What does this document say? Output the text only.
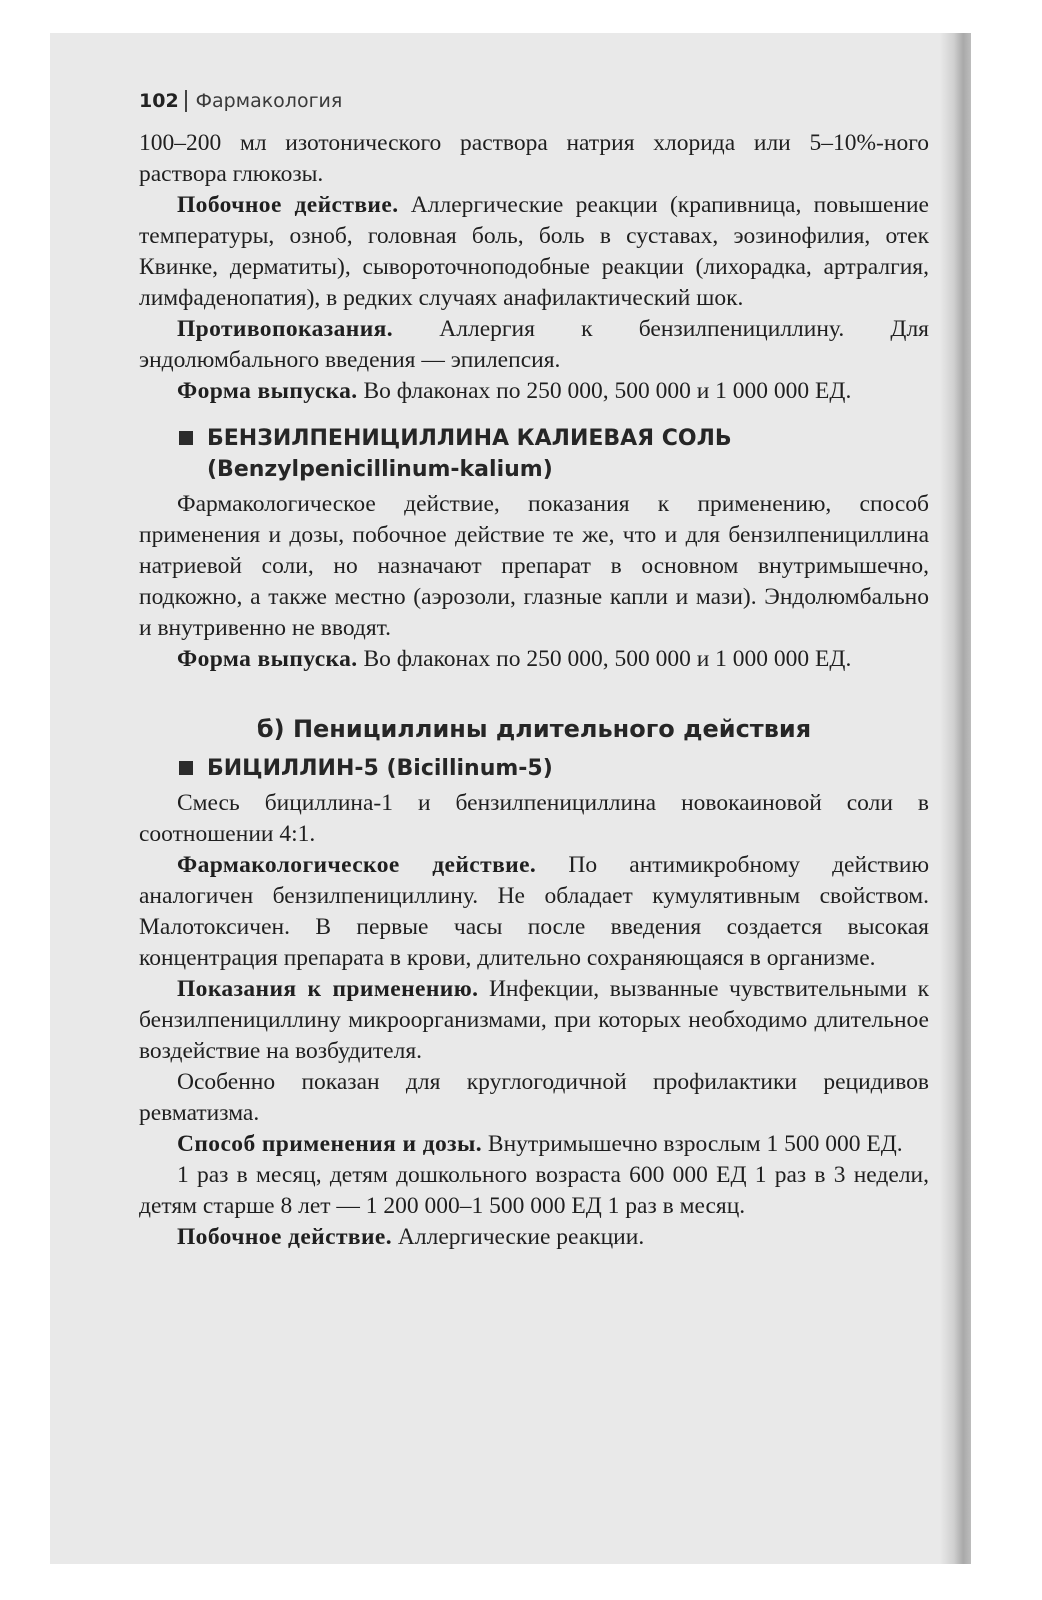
102 Фармакология

100–200 мл изотонического раствора натрия хлорида или 5–10%-ного раствора глюкозы.

Побочное действие. Аллергические реакции (крапивница, повышение температуры, озноб, головная боль, боль в суставах, эозинофилия, отек Квинке, дерматиты), сывороточноподобные реакции (лихорадка, артралгия, лимфаденопатия), в редких случаях анафилактический шок.

Противопоказания. Аллергия к бензилпенициллину. Для эндолюмбального введения — эпилепсия.

Форма выпуска. Во флаконах по 250 000, 500 000 и 1 000 000 ЕД.

БЕНЗИЛПЕНИЦИЛЛИНА КАЛИЕВАЯ СОЛЬ
(Benzylpenicillinum-kalium)

Фармакологическое действие, показания к применению, способ применения и дозы, побочное действие те же, что и для бензилпенициллина натриевой соли, но назначают препарат в основном внутримышечно, подкожно, а также местно (аэрозоли, глазные капли и мази). Эндолюмбально и внутривенно не вводят.

Форма выпуска. Во флаконах по 250 000, 500 000 и 1 000 000 ЕД.

б) Пенициллины длительного действия
БИЦИЛЛИН-5 (Bicillinum-5)

Смесь бициллина-1 и бензилпенициллина новокаиновой соли в соотношении 4:1.

Фармакологическое действие. По антимикробному действию аналогичен бензилпенициллину. Не обладает кумулятивным свойством. Малотоксичен. В первые часы после введения создается высокая концентрация препарата в крови, длительно сохраняющаяся в организме.

Показания к применению. Инфекции, вызванные чувствительными к бензилпенициллину микроорганизмами, при которых необходимо длительное воздействие на возбудителя.

Особенно показан для круглогодичной профилактики рецидивов ревматизма.

Способ применения и дозы. Внутримышечно взрослым 1 500 000 ЕД.

1 раз в месяц, детям дошкольного возраста 600 000 ЕД 1 раз в 3 недели, детям старше 8 лет — 1 200 000–1 500 000 ЕД 1 раз в месяц.

Побочное действие. Аллергические реакции.
